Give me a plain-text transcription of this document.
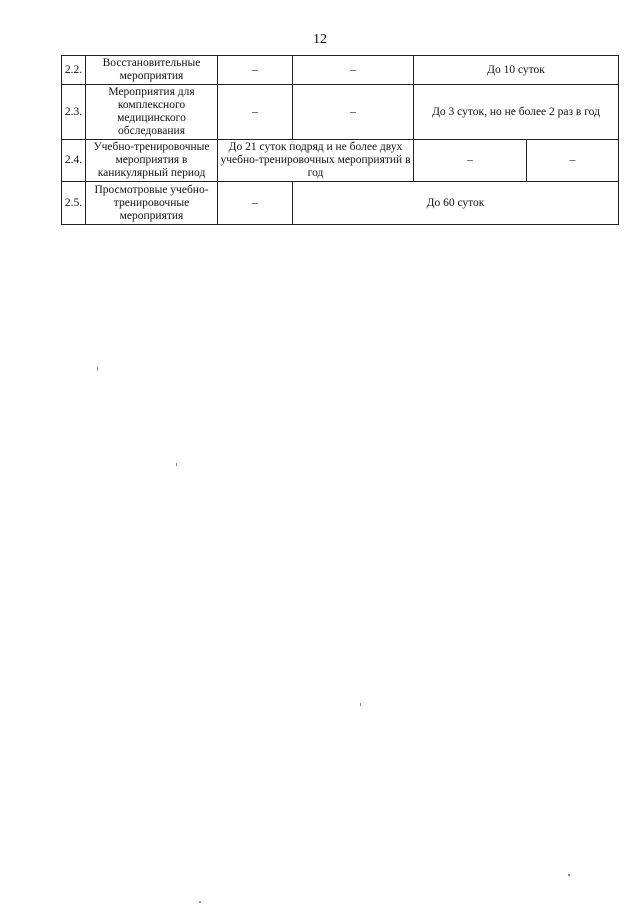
12
2.2.	Восстановительные мероприятия	–	–	До 10 суток	
2.3.	Мероприятия для комплексного медицинского обследования	–	–	До 3 суток, но не более 2 раз в год	
2.4.	Учебно-тренировочные мероприятия в каникулярный период	До 21 суток подряд и не более двух учебно-тренировочных мероприятий в год		–	–
2.5.	Просмотровые учебно-тренировочные мероприятия	–	До 60 суток		
